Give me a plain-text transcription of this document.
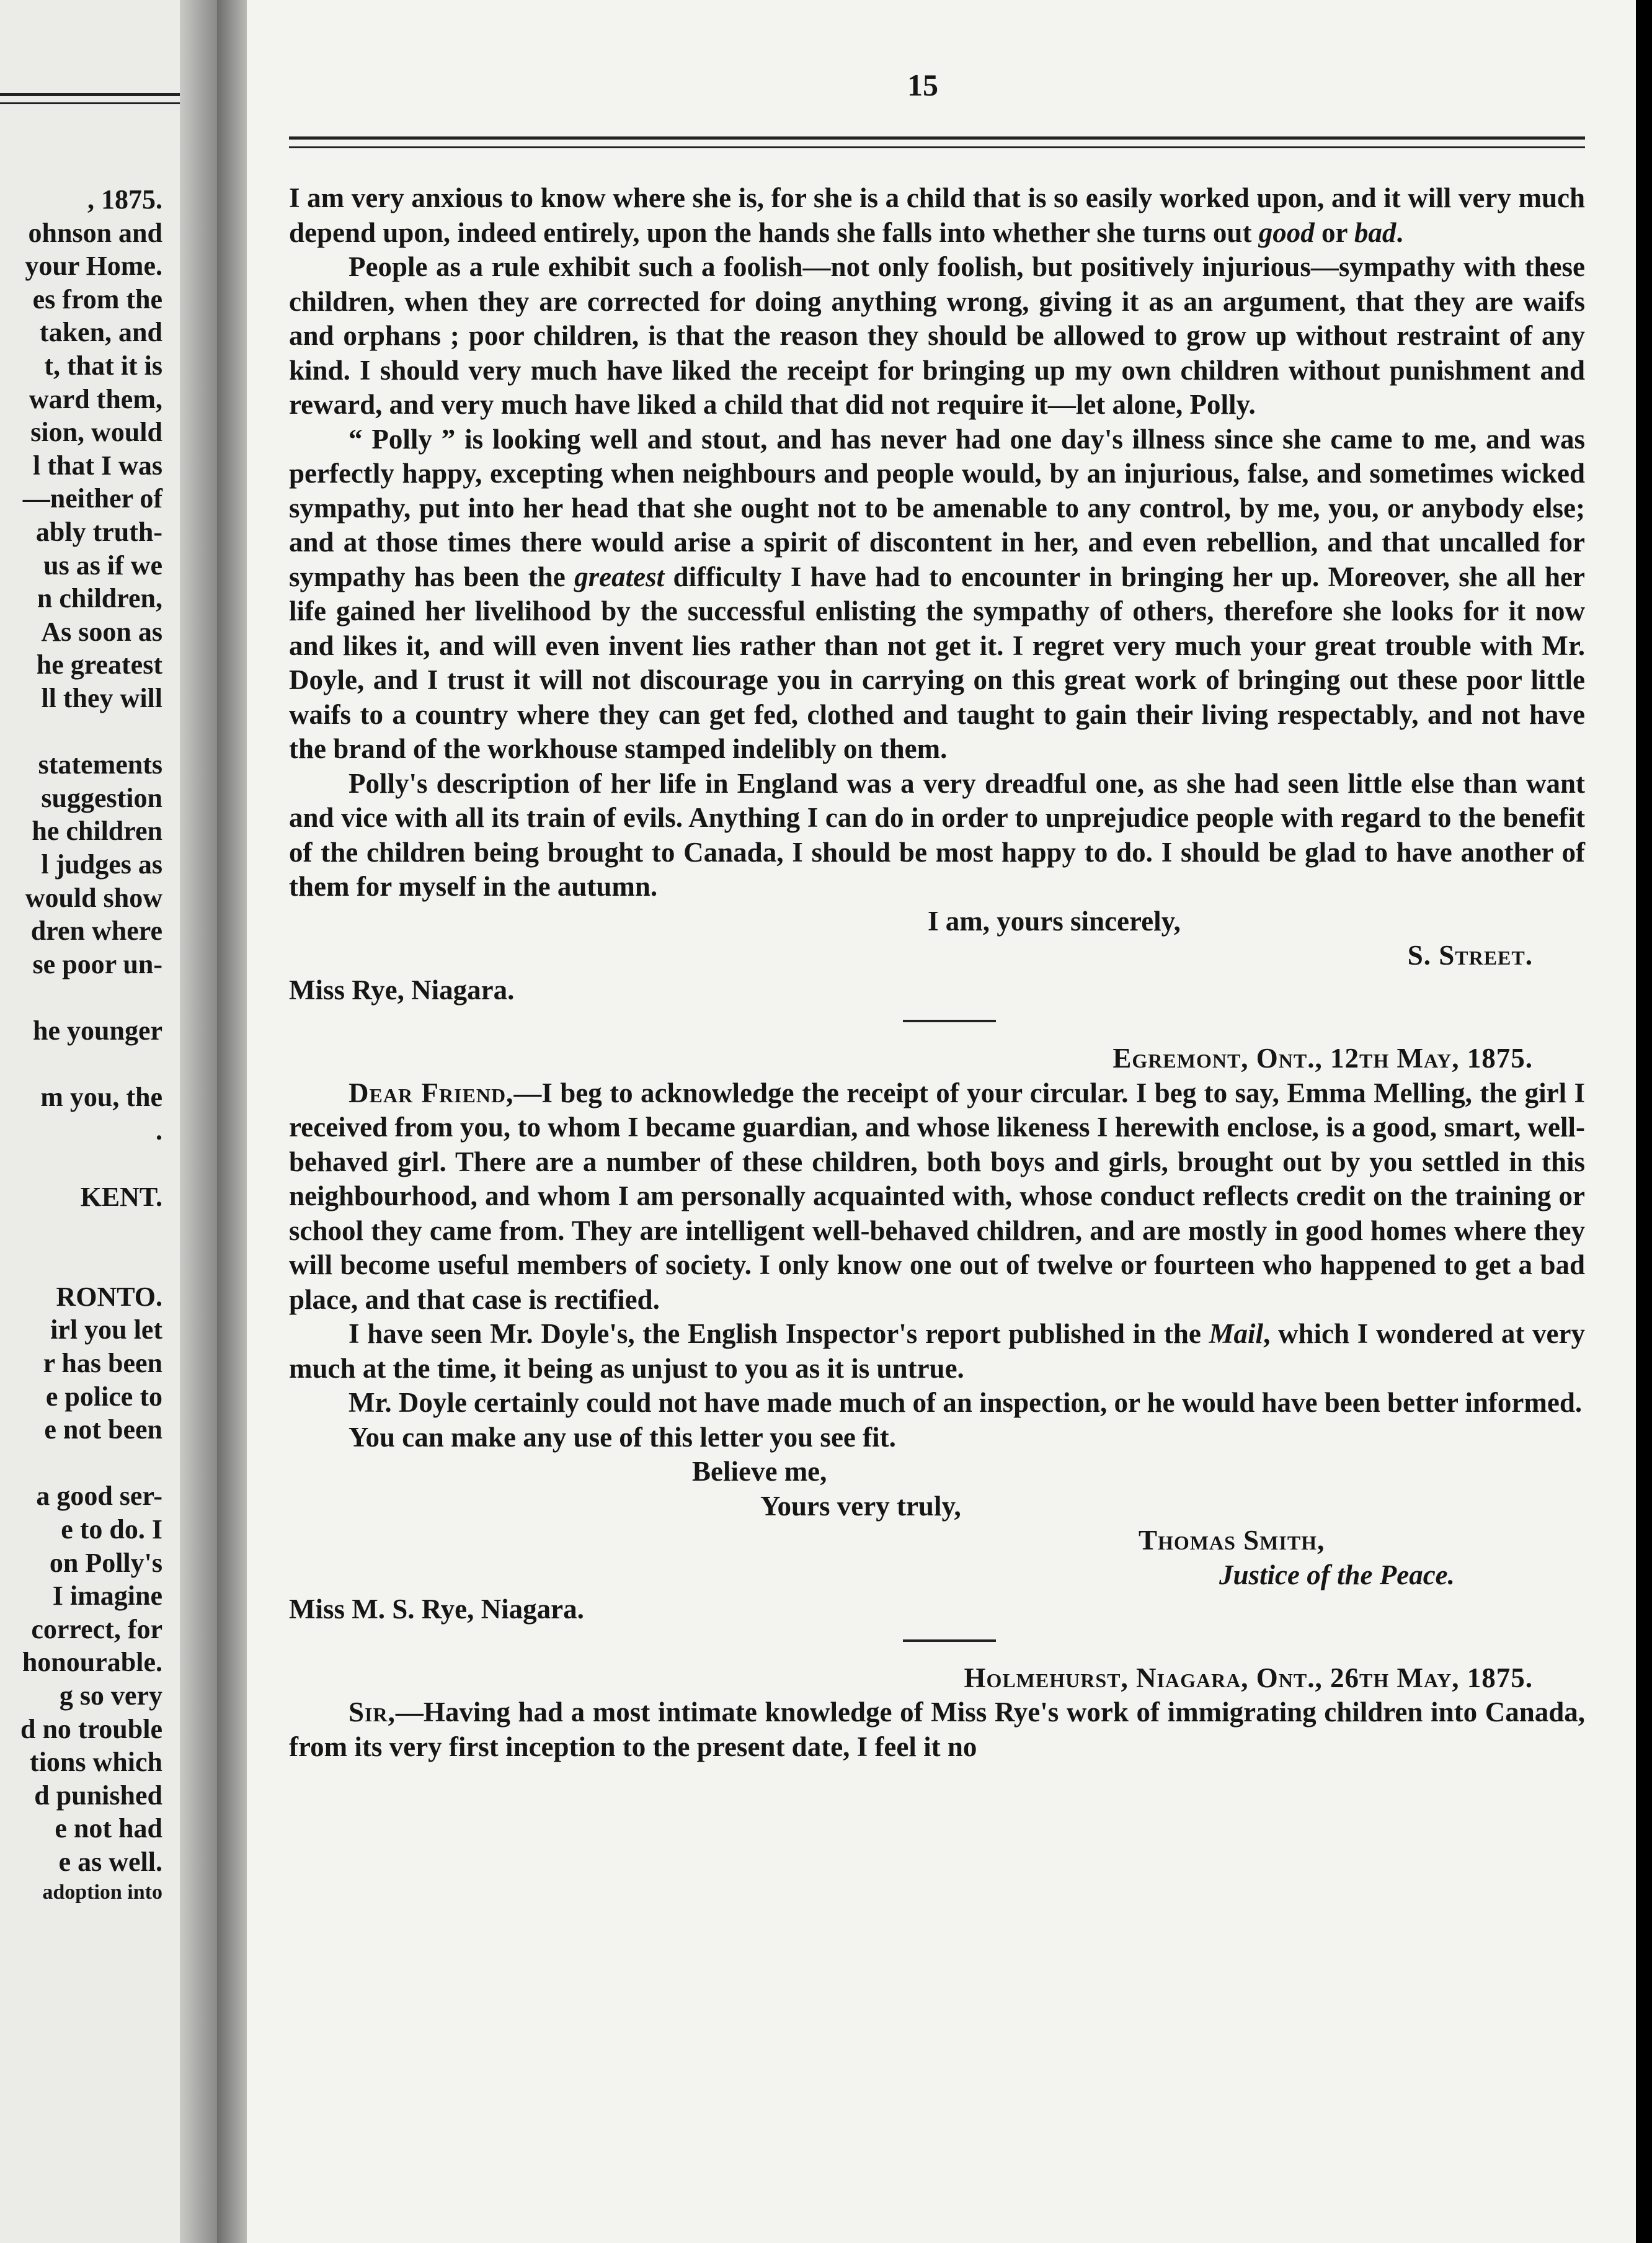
, 1875.
ohnson and
your Home.
es from the
taken, and
t, that it is
ward them,
sion, would
l that I was
—neither of
ably truth-
us as if we
n children,
As soon as
he greatest
ll they will
statements
suggestion
he children
l judges as
would show
dren where
se poor un-
he younger
m you, the
.
KENT.
RONTO.
irl you let
r has been
e police to
e not been
a good ser-
e to do. I
on Polly's
I imagine
correct, for
honourable.
g so very
d no trouble
tions which
d punished
e not had
e as well.
adoption into
15

I am very anxious to know where she is, for she is a child that is so easily worked upon, and it will very much depend upon, indeed entirely, upon the hands she falls into whether she turns out good or bad.

People as a rule exhibit such a foolish—not only foolish, but positively injurious—sympathy with these children, when they are corrected for doing anything wrong, giving it as an argument, that they are waifs and orphans ; poor children, is that the reason they should be allowed to grow up without restraint of any kind. I should very much have liked the receipt for bringing up my own children without punishment and reward, and very much have liked a child that did not require it—let alone, Polly.

“ Polly ” is looking well and stout, and has never had one day's illness since she came to me, and was perfectly happy, excepting when neighbours and people would, by an injurious, false, and sometimes wicked sympathy, put into her head that she ought not to be amenable to any control, by me, you, or anybody else; and at those times there would arise a spirit of discontent in her, and even rebellion, and that uncalled for sympathy has been the greatest difficulty I have had to encounter in bringing her up. Moreover, she all her life gained her livelihood by the successful enlisting the sympathy of others, therefore she looks for it now and likes it, and will even invent lies rather than not get it. I regret very much your great trouble with Mr. Doyle, and I trust it will not discourage you in carrying on this great work of bringing out these poor little waifs to a country where they can get fed, clothed and taught to gain their living respectably, and not have the brand of the workhouse stamped indelibly on them.

Polly's description of her life in England was a very dreadful one, as she had seen little else than want and vice with all its train of evils. Anything I can do in order to unprejudice people with regard to the benefit of the children being brought to Canada, I should be most happy to do. I should be glad to have another of them for myself in the autumn.

I am, yours sincerely,
S. Street.
Miss Rye, Niagara.
Egremont, Ont., 12th May, 1875.

Dear Friend,—I beg to acknowledge the receipt of your circular. I beg to say, Emma Melling, the girl I received from you, to whom I became guardian, and whose likeness I herewith enclose, is a good, smart, well-behaved girl. There are a number of these children, both boys and girls, brought out by you settled in this neighbourhood, and whom I am personally acquainted with, whose conduct reflects credit on the training or school they came from. They are intelligent well-behaved children, and are mostly in good homes where they will become useful members of society. I only know one out of twelve or fourteen who happened to get a bad place, and that case is rectified.

I have seen Mr. Doyle's, the English Inspector's report published in the Mail, which I wondered at very much at the time, it being as unjust to you as it is untrue.

Mr. Doyle certainly could not have made much of an inspection, or he would have been better informed.

You can make any use of this letter you see fit.

Believe me,
Yours very truly,
Thomas Smith,
Justice of the Peace.
Miss M. S. Rye, Niagara.
Holmehurst, Niagara, Ont., 26th May, 1875.

Sir,—Having had a most intimate knowledge of Miss Rye's work of immigrating children into Canada, from its very first inception to the present date, I feel it no
